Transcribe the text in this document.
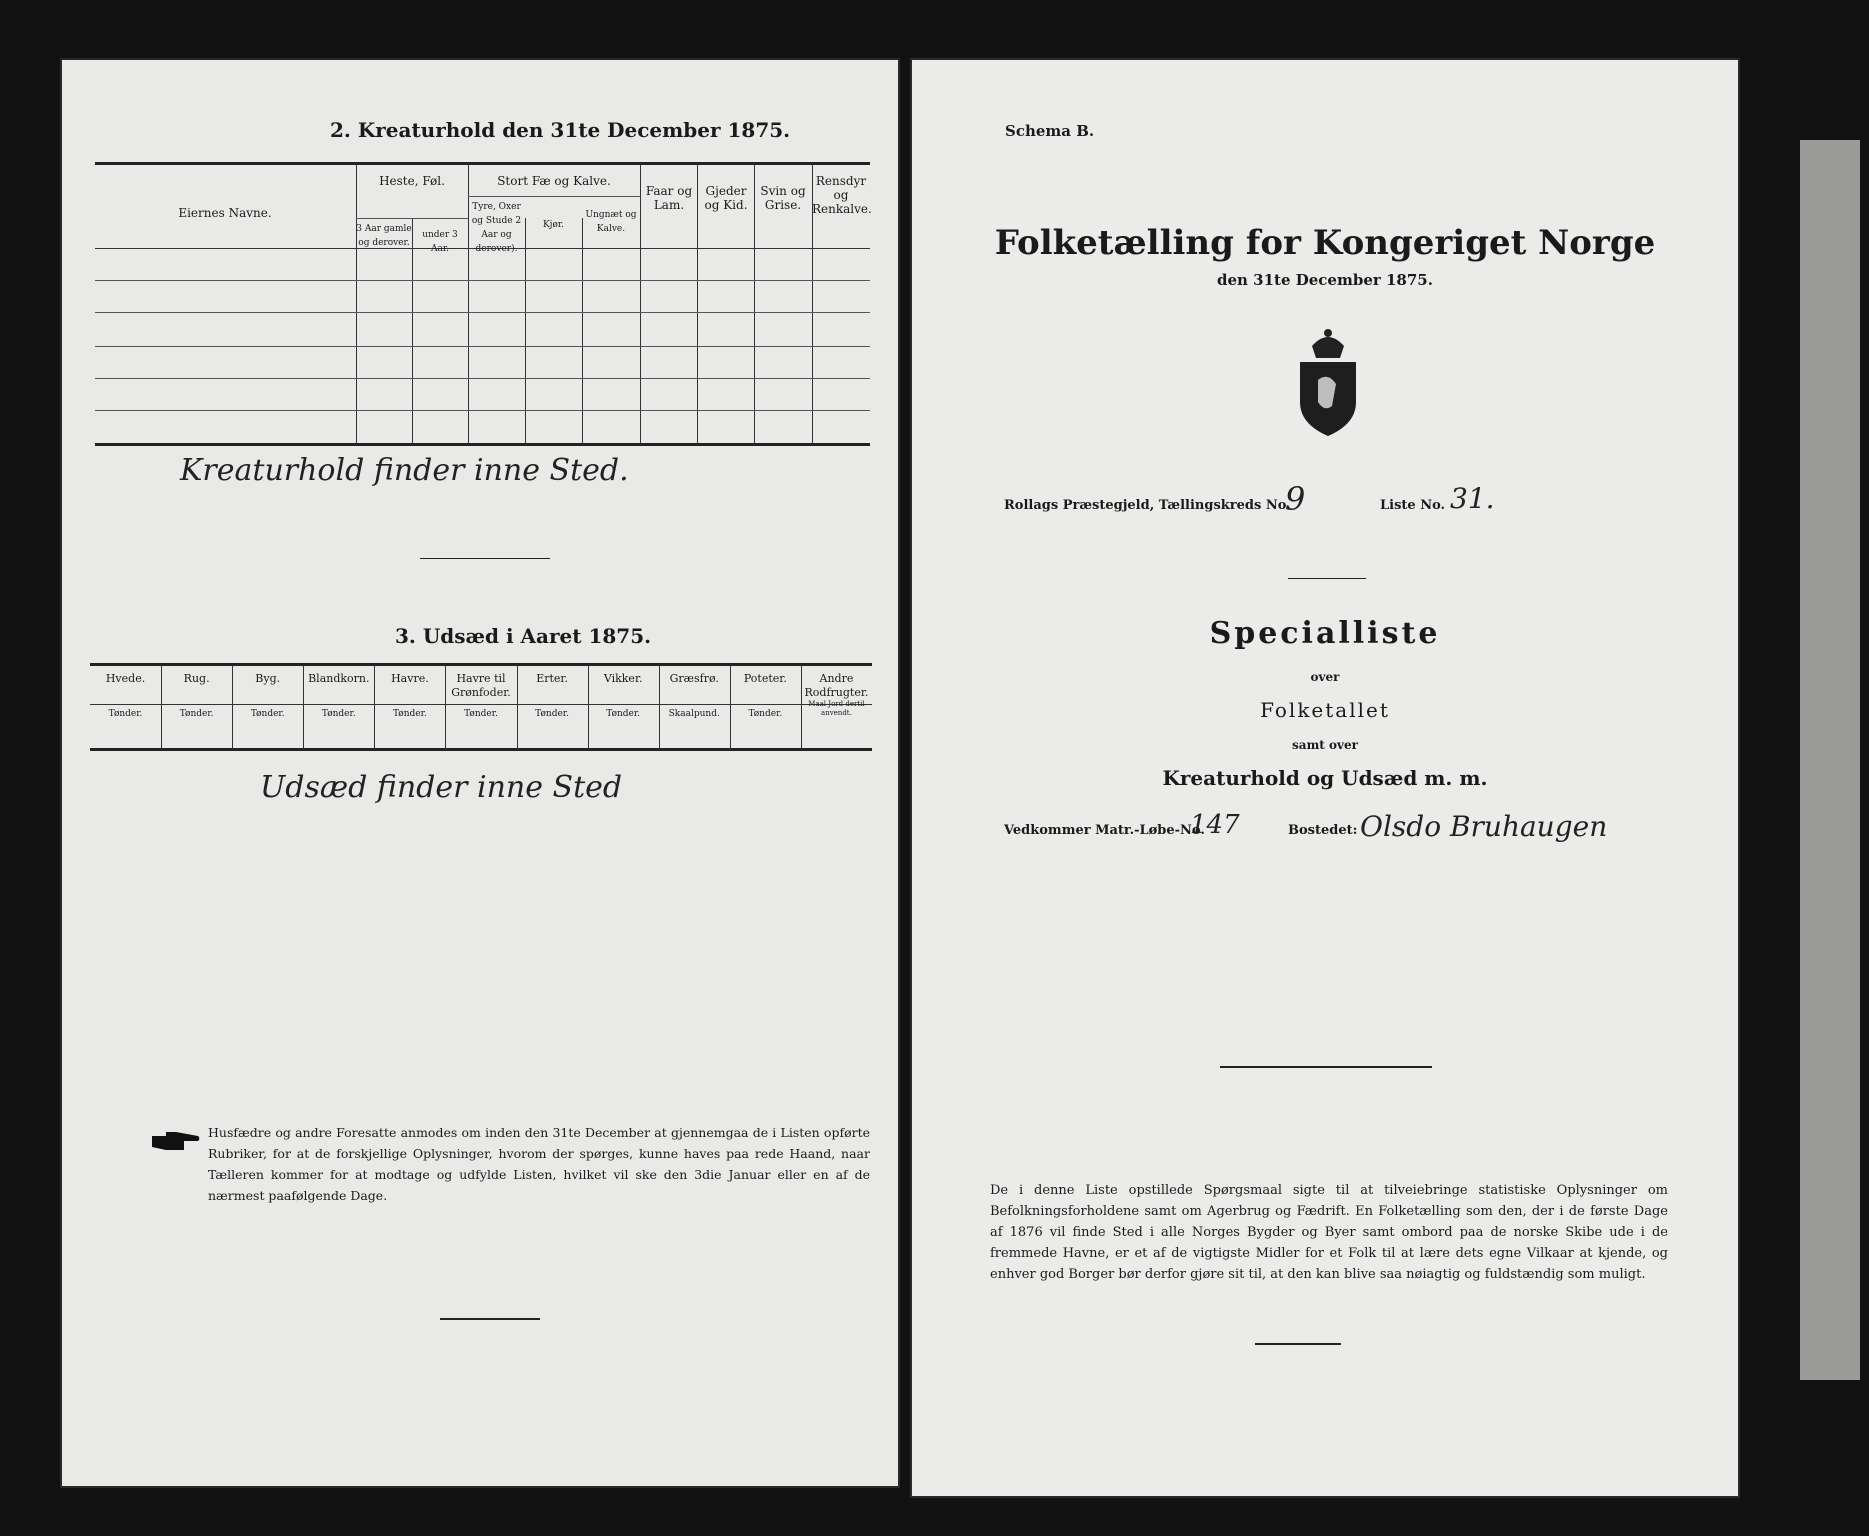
2. Kreaturhold den 31te December 1875.
Eiernes Navne.
Heste, Føl.
3 Aar gamle og derover.
under 3 Aar.
Stort Fæ og Kalve.
Tyre, Oxer og Stude 2 Aar og derover).
Kjør.
Ungnæt og Kalve.
Faar og Lam.
Gjeder og Kid.
Svin og Grise.
Rensdyr og Renkalve.
Kreaturhold finder inne Sted.
3. Udsæd i Aaret 1875.
Hvede.
Tønder.
Rug.
Tønder.
Byg.
Tønder.
Blandkorn.
Tønder.
Havre.
Tønder.
Havre til Grønfoder.
Tønder.
Erter.
Tønder.
Vikker.
Tønder.
Græsfrø.
Skaalpund.
Poteter.
Tønder.
Andre Rodfrugter.
Maal Jord dertil anvendt.
Udsæd finder inne Sted
Husfædre og andre Foresatte anmodes om inden den 31te December at gjennemgaa de i Listen opførte Rubriker, for at de forskjellige Oplysninger, hvorom der spørges, kunne haves paa rede Haand, naar Tælleren kommer for at modtage og udfylde Listen, hvilket vil ske den 3die Januar eller en af de nærmest paafølgende Dage.
Schema B.
Folketælling for Kongeriget Norge
den 31te December 1875.
Rollags Præstegjeld, Tællingskreds No.
9	Liste No. 31.
Specialliste
over
Folketallet
samt over
Kreaturhold og Udsæd m. m.
Vedkommer Matr.-Løbe-No.
147	Bostedet: Olsdo Bruhaugen
De i denne Liste opstillede Spørgsmaal sigte til at tilveiebringe statistiske Oplysninger om Befolkningsforholdene samt om Agerbrug og Fædrift. En Folketælling som den, der i de første Dage af 1876 vil finde Sted i alle Norges Bygder og Byer samt ombord paa de norske Skibe ude i de fremmede Havne, er et af de vigtigste Midler for et Folk til at lære dets egne Vilkaar at kjende, og enhver god Borger bør derfor gjøre sit til, at den kan blive saa nøiagtig og fuldstændig som muligt.
